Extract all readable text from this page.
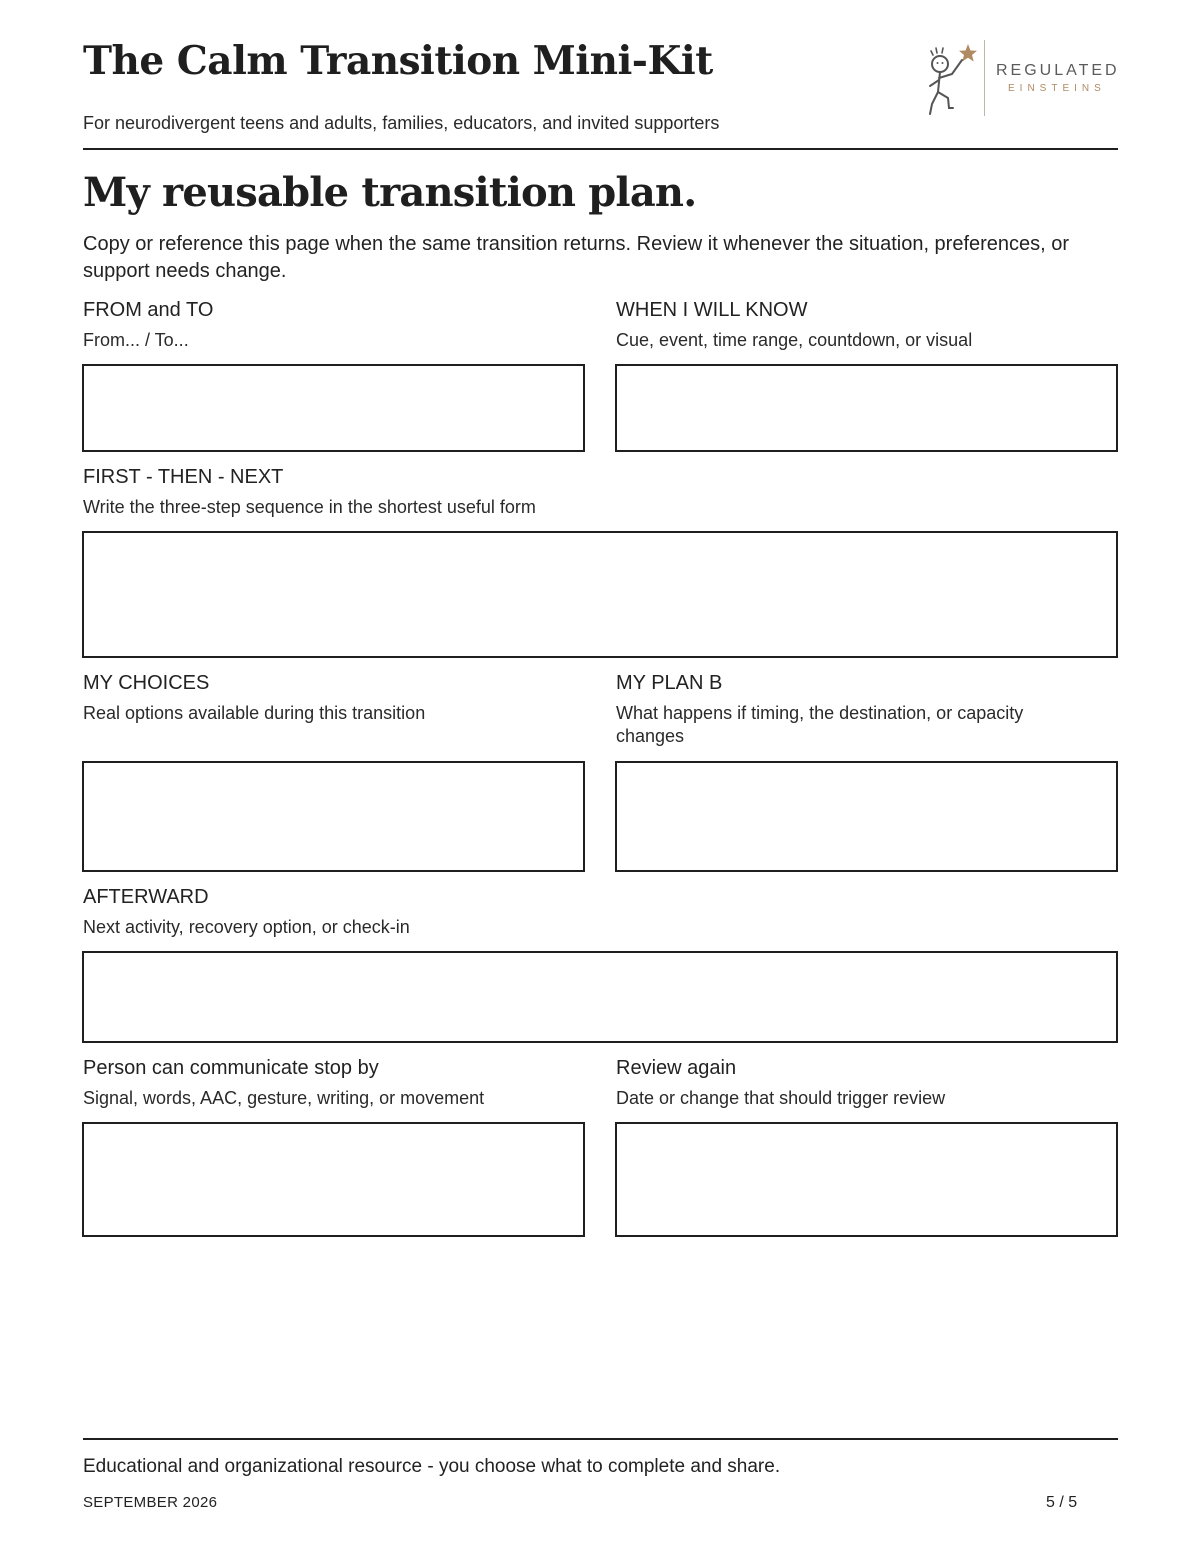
The Calm Transition Mini-Kit
For neurodivergent teens and adults, families, educators, and invited supporters
REGULATED
EINSTEINS
My reusable transition plan.
Copy or reference this page when the same transition returns. Review it whenever the situation, preferences, or support needs change.
FROM and TO
From... / To...
WHEN I WILL KNOW
Cue, event, time range, countdown, or visual
FIRST - THEN - NEXT
Write the three-step sequence in the shortest useful form
MY CHOICES
Real options available during this transition
MY PLAN B
What happens if timing, the destination, or capacity changes
AFTERWARD
Next activity, recovery option, or check-in
Person can communicate stop by
Signal, words, AAC, gesture, writing, or movement
Review again
Date or change that should trigger review
Educational and organizational resource - you choose what to complete and share.
SEPTEMBER 2026	5 / 5
